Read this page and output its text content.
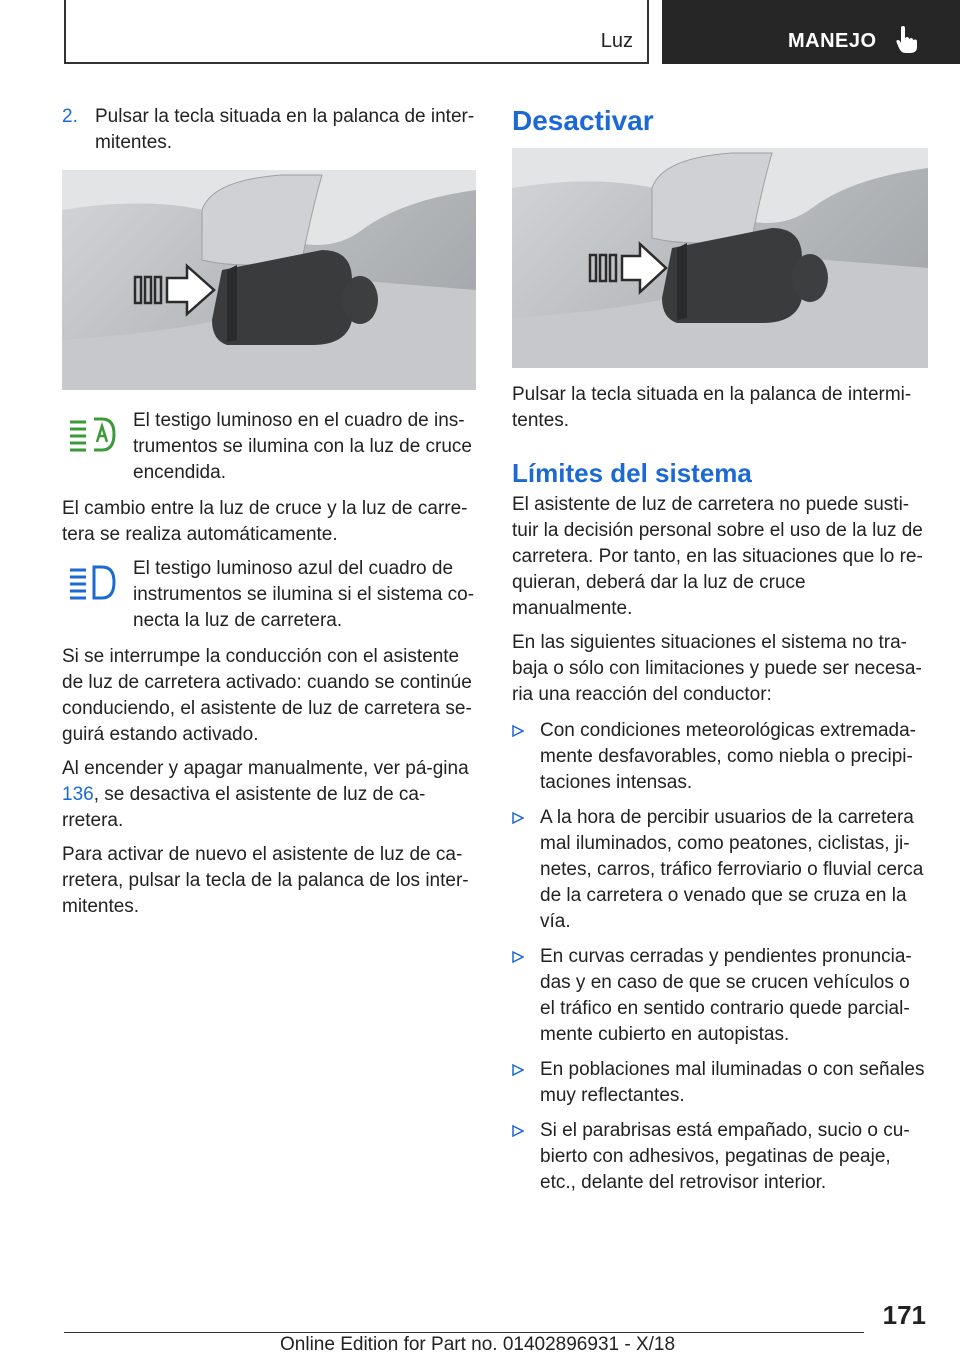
Luz	MANEJO
2. Pulsar la tecla situada en la palanca de inter‐mitentes.

El testigo luminoso en el cuadro de ins‐trumentos se ilumina con la luz de cruce encendida.

El cambio entre la luz de cruce y la luz de carre‐tera se realiza automáticamente.

El testigo luminoso azul del cuadro de instrumentos se ilumina si el sistema co‐necta la luz de carretera.

Si se interrumpe la conducción con el asistente de luz de carretera activado: cuando se continúe conduciendo, el asistente de luz de carretera se‐guirá estando activado.

Al encender y apagar manualmente, ver pá‐gina 136, se desactiva el asistente de luz de ca‐rretera.

Para activar de nuevo el asistente de luz de ca‐rretera, pulsar la tecla de la palanca de los inter‐mitentes.

Desactivar

Pulsar la tecla situada en la palanca de intermi‐tentes.

Límites del sistema

El asistente de luz de carretera no puede susti‐tuir la decisión personal sobre el uso de la luz de carretera. Por tanto, en las situaciones que lo re‐quieran, deberá dar la luz de cruce manualmente.

En las siguientes situaciones el sistema no tra‐baja o sólo con limitaciones y puede ser necesa‐ria una reacción del conductor:

Con condiciones meteorológicas extremada‐mente desfavorables, como niebla o precipi‐taciones intensas.
A la hora de percibir usuarios de la carretera mal iluminados, como peatones, ciclistas, ji‐netes, carros, tráfico ferroviario o fluvial cerca de la carretera o venado que se cruza en la vía.
En curvas cerradas y pendientes pronuncia‐das y en caso de que se crucen vehículos o el tráfico en sentido contrario quede parcial‐mente cubierto en autopistas.
En poblaciones mal iluminadas o con señales muy reflectantes.
Si el parabrisas está empañado, sucio o cu‐bierto con adhesivos, pegatinas de peaje, etc., delante del retrovisor interior.
171
Online Edition for Part no. 01402896931 - X/18
